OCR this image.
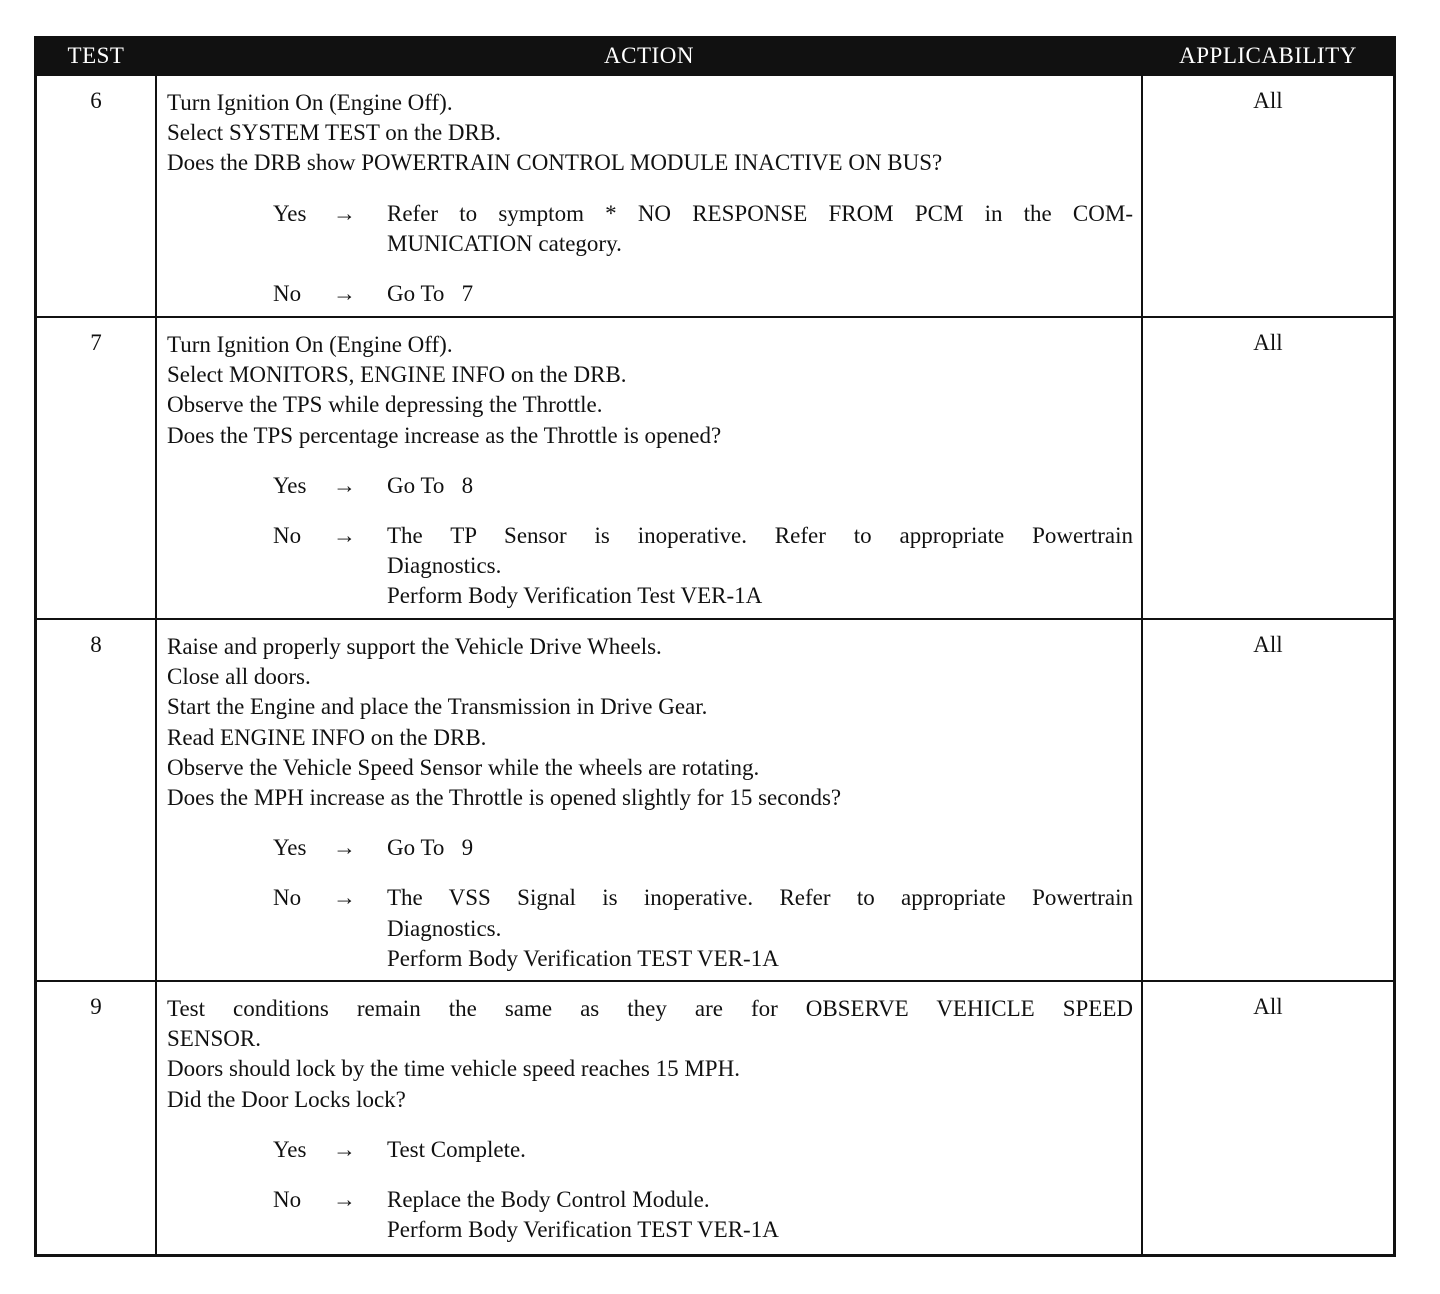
TEST	ACTION	APPLICABILITY
6	Turn Ignition On (Engine Off).
Select SYSTEM TEST on the DRB.
Does the DRB show POWERTRAIN CONTROL MODULE INACTIVE ON BUS?
Yes	→	Refer to symptom * NO RESPONSE FROM PCM in the COM-
MUNICATION category.
No	→	Go To   7
All
7	Turn Ignition On (Engine Off).
Select MONITORS, ENGINE INFO on the DRB.
Observe the TPS while depressing the Throttle.
Does the TPS percentage increase as the Throttle is opened?
Yes	→	Go To   8
No	→	The TP Sensor is inoperative. Refer to appropriate Powertrain
Diagnostics.
Perform Body Verification Test VER-1A
All
8	Raise and properly support the Vehicle Drive Wheels.
Close all doors.
Start the Engine and place the Transmission in Drive Gear.
Read ENGINE INFO on the DRB.
Observe the Vehicle Speed Sensor while the wheels are rotating.
Does the MPH increase as the Throttle is opened slightly for 15 seconds?
Yes	→	Go To   9
No	→	The VSS Signal is inoperative. Refer to appropriate Powertrain
Diagnostics.
Perform Body Verification TEST VER-1A
All
9	Test conditions remain the same as they are for OBSERVE VEHICLE SPEED
SENSOR.
Doors should lock by the time vehicle speed reaches 15 MPH.
Did the Door Locks lock?
Yes	→	Test Complete.
No	→	Replace the Body Control Module.
Perform Body Verification TEST VER-1A
All
